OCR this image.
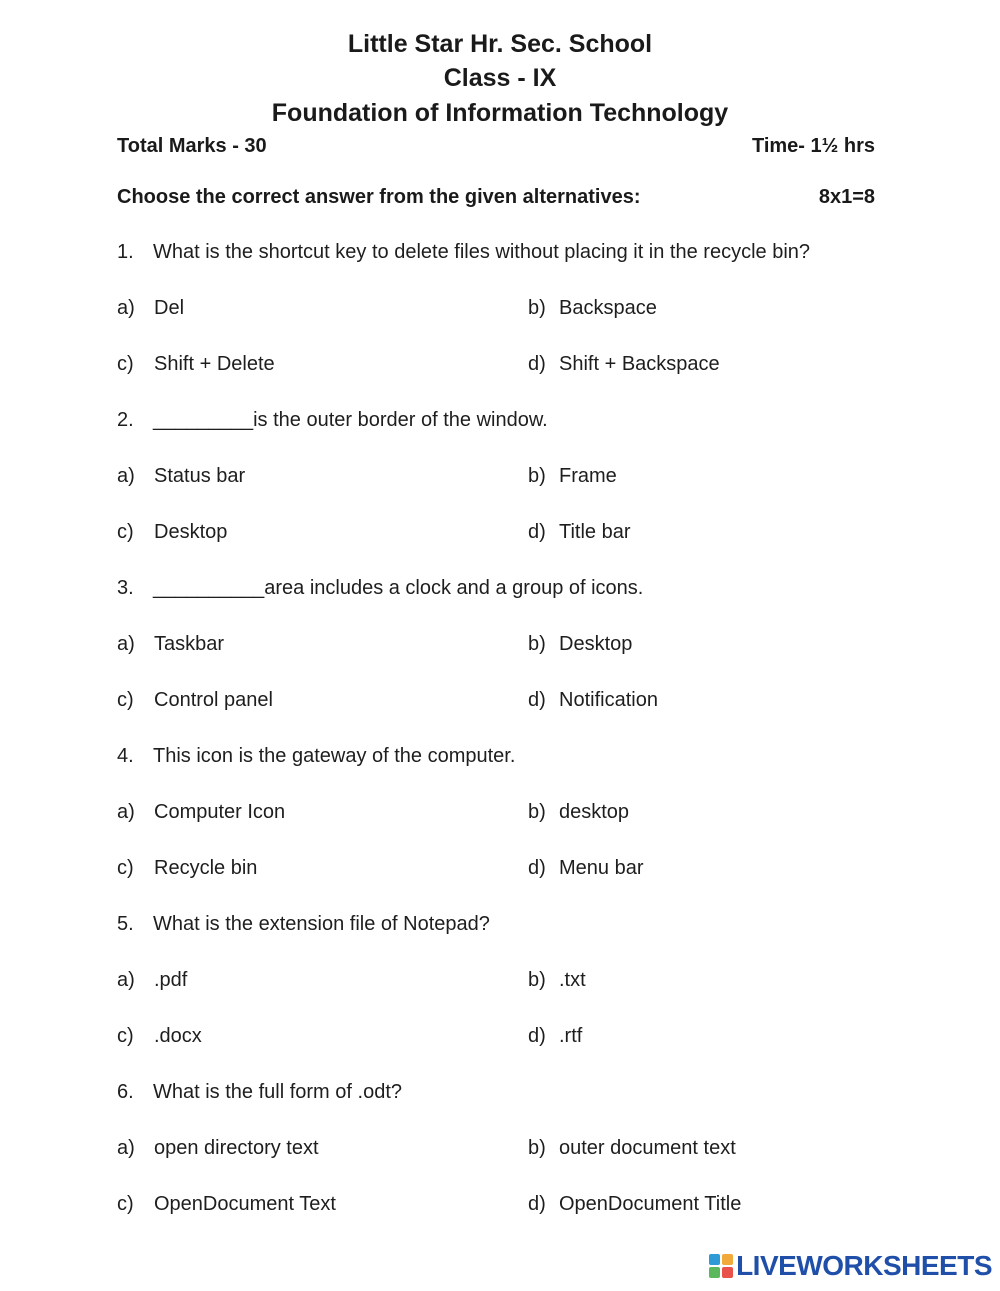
Little Star Hr. Sec. School
Class - IX
Foundation of Information Technology
Total Marks - 30	Time- 1½ hrs
Choose the correct answer from the given alternatives:	8x1=8
1. What is the shortcut key to delete files without placing it in the recycle bin?
a) Del	b) Backspace
c) Shift + Delete	d) Shift + Backspace
2. _________is the outer border of the window.
a) Status bar	b) Frame
c) Desktop	d) Title bar
3. __________area includes a clock and a group of icons.
a) Taskbar	b) Desktop
c) Control panel	d) Notification
4. This icon is the gateway of the computer.
a) Computer Icon	b) desktop
c) Recycle bin	d) Menu bar
5. What is the extension file of Notepad?
a) .pdf	b) .txt
c) .docx	d) .rtf
6. What is the full form of .odt?
a) open directory text	b) outer document text
c) OpenDocument Text	d) OpenDocument Title
LIVEWORKSHEETS
